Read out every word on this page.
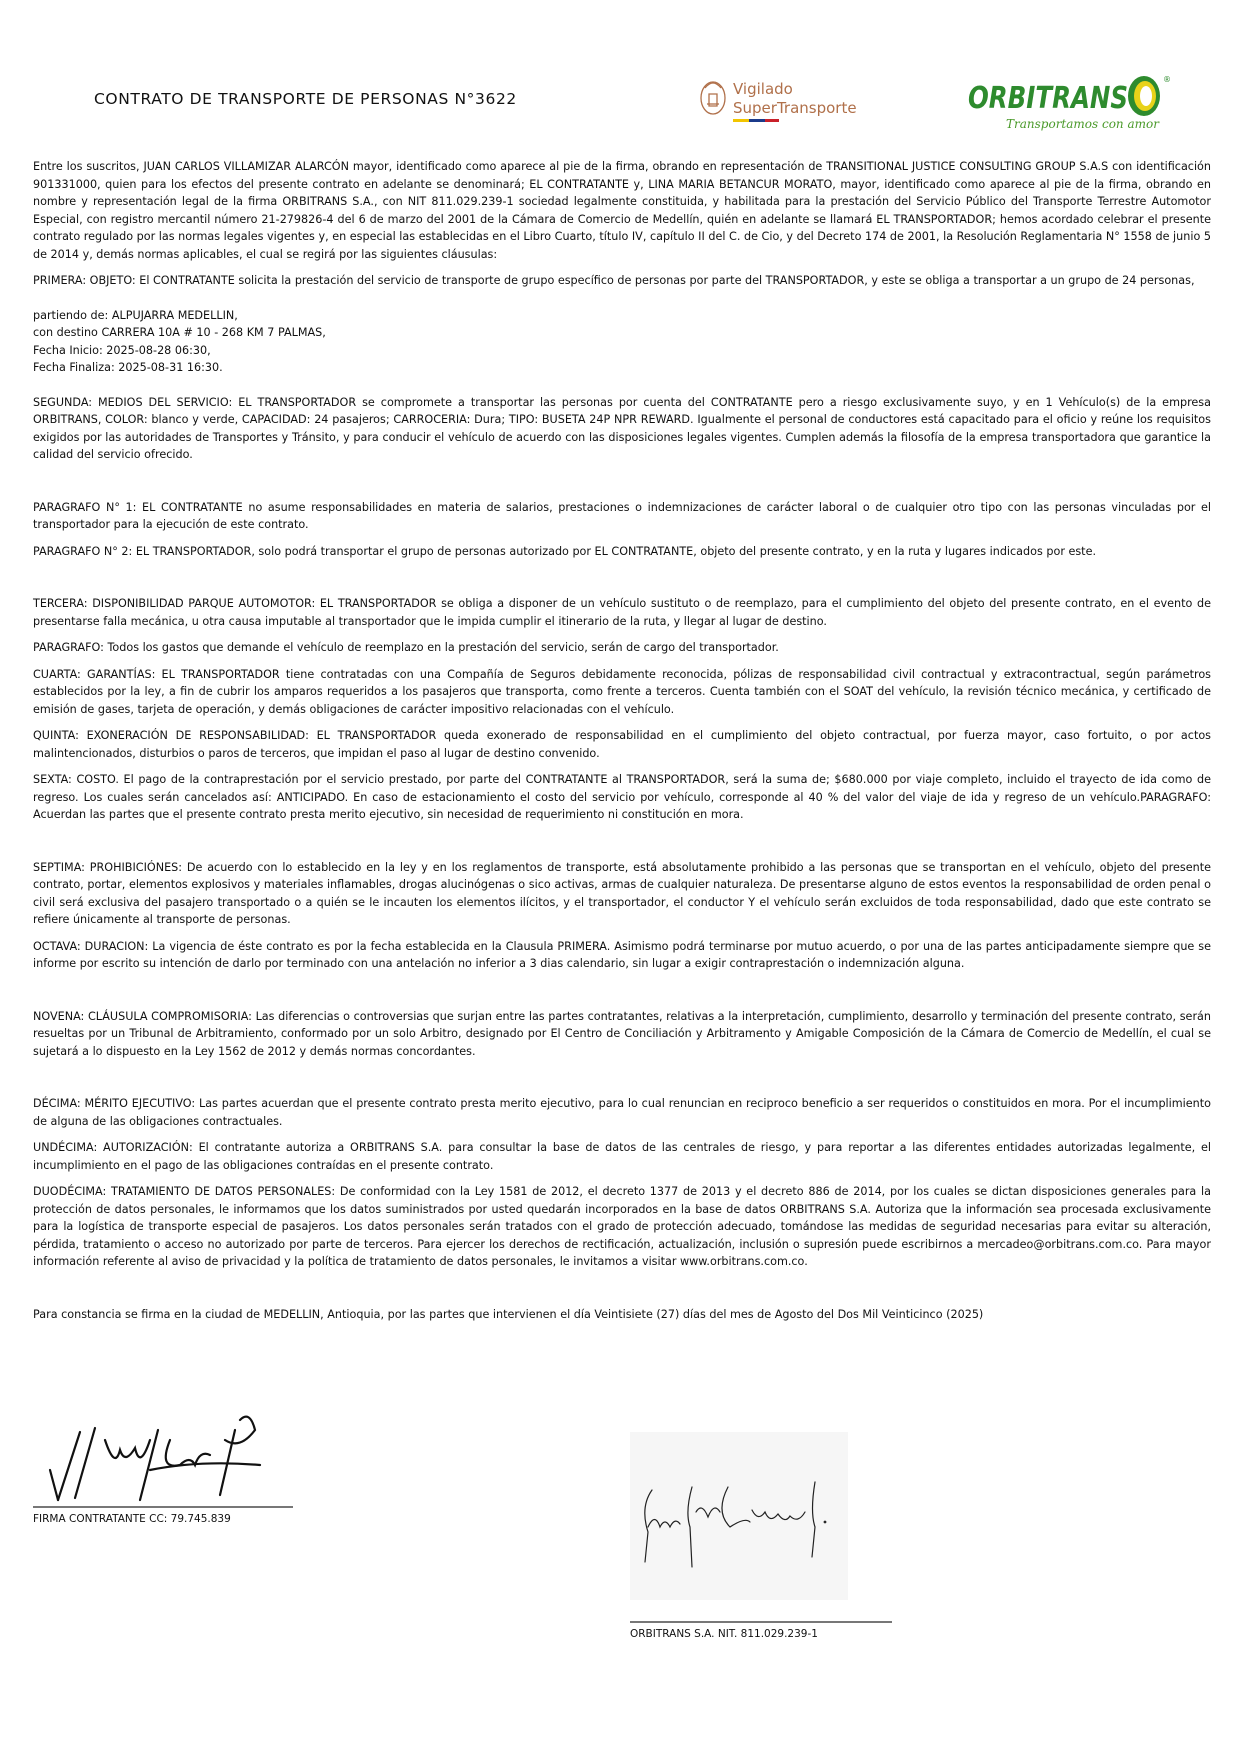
CONTRATO DE TRANSPORTE DE PERSONAS N°3622
Vigilado
SuperTransporte	ORBITRANS
®
Transportamos con amor

Entre los suscritos, JUAN CARLOS VILLAMIZAR ALARCÓN mayor, identificado como aparece al pie de la firma, obrando en representación de TRANSITIONAL JUSTICE CONSULTING GROUP S.A.S con identificación 901331000, quien para los efectos del presente contrato en adelante se denominará; EL CONTRATANTE y, LINA MARIA BETANCUR MORATO, mayor, identificado como aparece al pie de la firma, obrando en nombre y representación legal de la firma ORBITRANS S.A., con NIT 811.029.239-1 sociedad legalmente constituida, y habilitada para la prestación del Servicio Público del Transporte Terrestre Automotor Especial, con registro mercantil número 21-279826-4 del 6 de marzo del 2001 de la Cámara de Comercio de Medellín, quién en adelante se llamará EL TRANSPORTADOR; hemos acordado celebrar el presente contrato regulado por las normas legales vigentes y, en especial las establecidas en el Libro Cuarto, título IV, capítulo II del C. de Cio, y del Decreto 174 de 2001, la Resolución Reglamentaria N° 1558 de junio 5 de 2014 y, demás normas aplicables, el cual se regirá por las siguientes cláusulas:

PRIMERA: OBJETO: El CONTRATANTE solicita la prestación del servicio de transporte de grupo específico de personas por parte del TRANSPORTADOR, y este se obliga a transportar a un grupo de 24 personas,

partiendo de: ALPUJARRA MEDELLIN,

con destino CARRERA 10A # 10 - 268 KM 7 PALMAS,

Fecha Inicio: 2025-08-28 06:30,

Fecha Finaliza: 2025-08-31 16:30.

SEGUNDA: MEDIOS DEL SERVICIO: EL TRANSPORTADOR se compromete a transportar las personas por cuenta del CONTRATANTE pero a riesgo exclusivamente suyo, y en 1 Vehículo(s) de la empresa ORBITRANS, COLOR: blanco y verde, CAPACIDAD: 24 pasajeros; CARROCERIA: Dura; TIPO: BUSETA 24P NPR REWARD. Igualmente el personal de conductores está capacitado para el oficio y reúne los requisitos exigidos por las autoridades de Transportes y Tránsito, y para conducir el vehículo de acuerdo con las disposiciones legales vigentes. Cumplen además la filosofía de la empresa transportadora que garantice la calidad del servicio ofrecido.

PARAGRAFO N° 1: EL CONTRATANTE no asume responsabilidades en materia de salarios, prestaciones o indemnizaciones de carácter laboral o de cualquier otro tipo con las personas vinculadas por el transportador para la ejecución de este contrato.

PARAGRAFO N° 2: EL TRANSPORTADOR, solo podrá transportar el grupo de personas autorizado por EL CONTRATANTE, objeto del presente contrato, y en la ruta y lugares indicados por este.

TERCERA: DISPONIBILIDAD PARQUE AUTOMOTOR: EL TRANSPORTADOR se obliga a disponer de un vehículo sustituto o de reemplazo, para el cumplimiento del objeto del presente contrato, en el evento de presentarse falla mecánica, u otra causa imputable al transportador que le impida cumplir el itinerario de la ruta, y llegar al lugar de destino.

PARAGRAFO: Todos los gastos que demande el vehículo de reemplazo en la prestación del servicio, serán de cargo del transportador.

CUARTA: GARANTÍAS: EL TRANSPORTADOR tiene contratadas con una Compañía de Seguros debidamente reconocida, pólizas de responsabilidad civil contractual y extracontractual, según parámetros establecidos por la ley, a fin de cubrir los amparos requeridos a los pasajeros que transporta, como frente a terceros. Cuenta también con el SOAT del vehículo, la revisión técnico mecánica, y certificado de emisión de gases, tarjeta de operación, y demás obligaciones de carácter impositivo relacionadas con el vehículo.

QUINTA: EXONERACIÓN DE RESPONSABILIDAD: EL TRANSPORTADOR queda exonerado de responsabilidad en el cumplimiento del objeto contractual, por fuerza mayor, caso fortuito, o por actos malintencionados, disturbios o paros de terceros, que impidan el paso al lugar de destino convenido.

SEXTA: COSTO. El pago de la contraprestación por el servicio prestado, por parte del CONTRATANTE al TRANSPORTADOR, será la suma de; $680.000 por viaje completo, incluido el trayecto de ida como de regreso. Los cuales serán cancelados así: ANTICIPADO. En caso de estacionamiento el costo del servicio por vehículo, corresponde al 40 % del valor del viaje de ida y regreso de un vehículo.PARAGRAFO: Acuerdan las partes que el presente contrato presta merito ejecutivo, sin necesidad de requerimiento ni constitución en mora.

SEPTIMA: PROHIBICIÓNES: De acuerdo con lo establecido en la ley y en los reglamentos de transporte, está absolutamente prohibido a las personas que se transportan en el vehículo, objeto del presente contrato, portar, elementos explosivos y materiales inflamables, drogas alucinógenas o sico activas, armas de cualquier naturaleza. De presentarse alguno de estos eventos la responsabilidad de orden penal o civil será exclusiva del pasajero transportado o a quién se le incauten los elementos ilícitos, y el transportador, el conductor Y el vehículo serán excluidos de toda responsabilidad, dado que este contrato se refiere únicamente al transporte de personas.

OCTAVA: DURACION: La vigencia de éste contrato es por la fecha establecida en la Clausula PRIMERA. Asimismo podrá terminarse por mutuo acuerdo, o por una de las partes anticipadamente siempre que se informe por escrito su intención de darlo por terminado con una antelación no inferior a 3 dias calendario, sin lugar a exigir contraprestación o indemnización alguna.

NOVENA: CLÁUSULA COMPROMISORIA: Las diferencias o controversias que surjan entre las partes contratantes, relativas a la interpretación, cumplimiento, desarrollo y terminación del presente contrato, serán resueltas por un Tribunal de Arbitramiento, conformado por un solo Arbitro, designado por El Centro de Conciliación y Arbitramento y Amigable Composición de la Cámara de Comercio de Medellín, el cual se sujetará a lo dispuesto en la Ley 1562 de 2012 y demás normas concordantes.

DÉCIMA: MÉRITO EJECUTIVO: Las partes acuerdan que el presente contrato presta merito ejecutivo, para lo cual renuncian en reciproco beneficio a ser requeridos o constituidos en mora. Por el incumplimiento de alguna de las obligaciones contractuales.

UNDÉCIMA: AUTORIZACIÓN: El contratante autoriza a ORBITRANS S.A. para consultar la base de datos de las centrales de riesgo, y para reportar a las diferentes entidades autorizadas legalmente, el incumplimiento en el pago de las obligaciones contraídas en el presente contrato.

DUODÉCIMA: TRATAMIENTO DE DATOS PERSONALES: De conformidad con la Ley 1581 de 2012, el decreto 1377 de 2013 y el decreto 886 de 2014, por los cuales se dictan disposiciones generales para la protección de datos personales, le informamos que los datos suministrados por usted quedarán incorporados en la base de datos ORBITRANS S.A. Autoriza que la información sea procesada exclusivamente para la logística de transporte especial de pasajeros. Los datos personales serán tratados con el grado de protección adecuado, tomándose las medidas de seguridad necesarias para evitar su alteración, pérdida, tratamiento o acceso no autorizado por parte de terceros. Para ejercer los derechos de rectificación, actualización, inclusión o supresión puede escribirnos a mercadeo@orbitrans.com.co. Para mayor información referente al aviso de privacidad y la política de tratamiento de datos personales, le invitamos a visitar www.orbitrans.com.co.

Para constancia se firma en la ciudad de MEDELLIN, Antioquia, por las partes que intervienen el día Veintisiete (27) días del mes de Agosto del Dos Mil Veinticinco (2025)

FIRMA CONTRATANTE CC: 79.745.839
ORBITRANS S.A. NIT. 811.029.239-1
